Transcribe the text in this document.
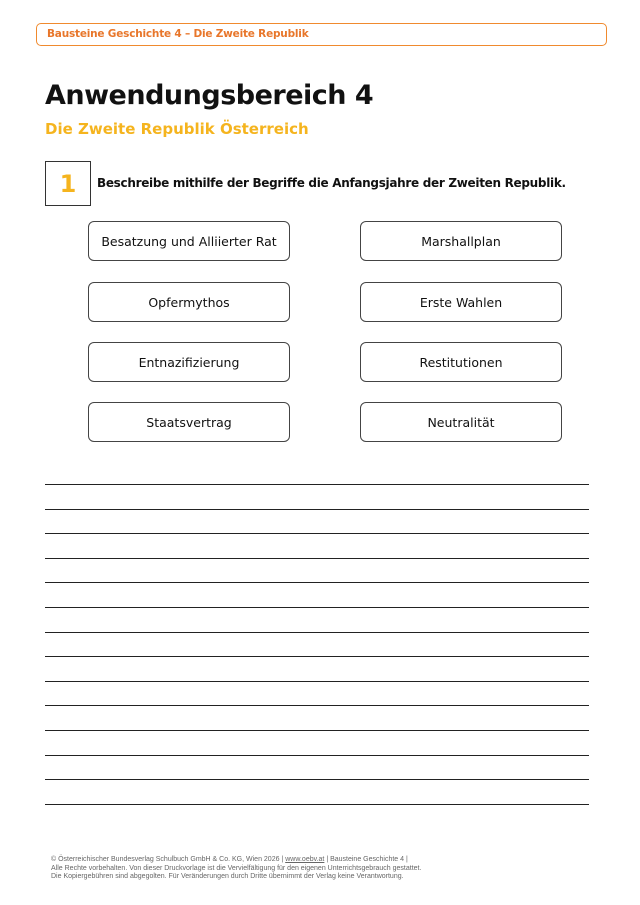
Bausteine Geschichte 4 – Die Zweite Republik
Anwendungsbereich 4
Die Zweite Republik Österreich
1 Beschreibe mithilfe der Begriffe die Anfangsjahre der Zweiten Republik.
Besatzung und Alliierter Rat
Opfermythos
Entnazifizierung
Staatsvertrag
Marshallplan
Erste Wahlen
Restitutionen
Neutralität
© Österreichischer Bundesverlag Schulbuch GmbH & Co. KG, Wien 2026 | www.oebv.at | Bausteine Geschichte 4 |
Alle Rechte vorbehalten. Von dieser Druckvorlage ist die Vervielfältigung für den eigenen Unterrichtsgebrauch gestattet.
Die Kopiergebühren sind abgegolten. Für Veränderungen durch Dritte übernimmt der Verlag keine Verantwortung.
